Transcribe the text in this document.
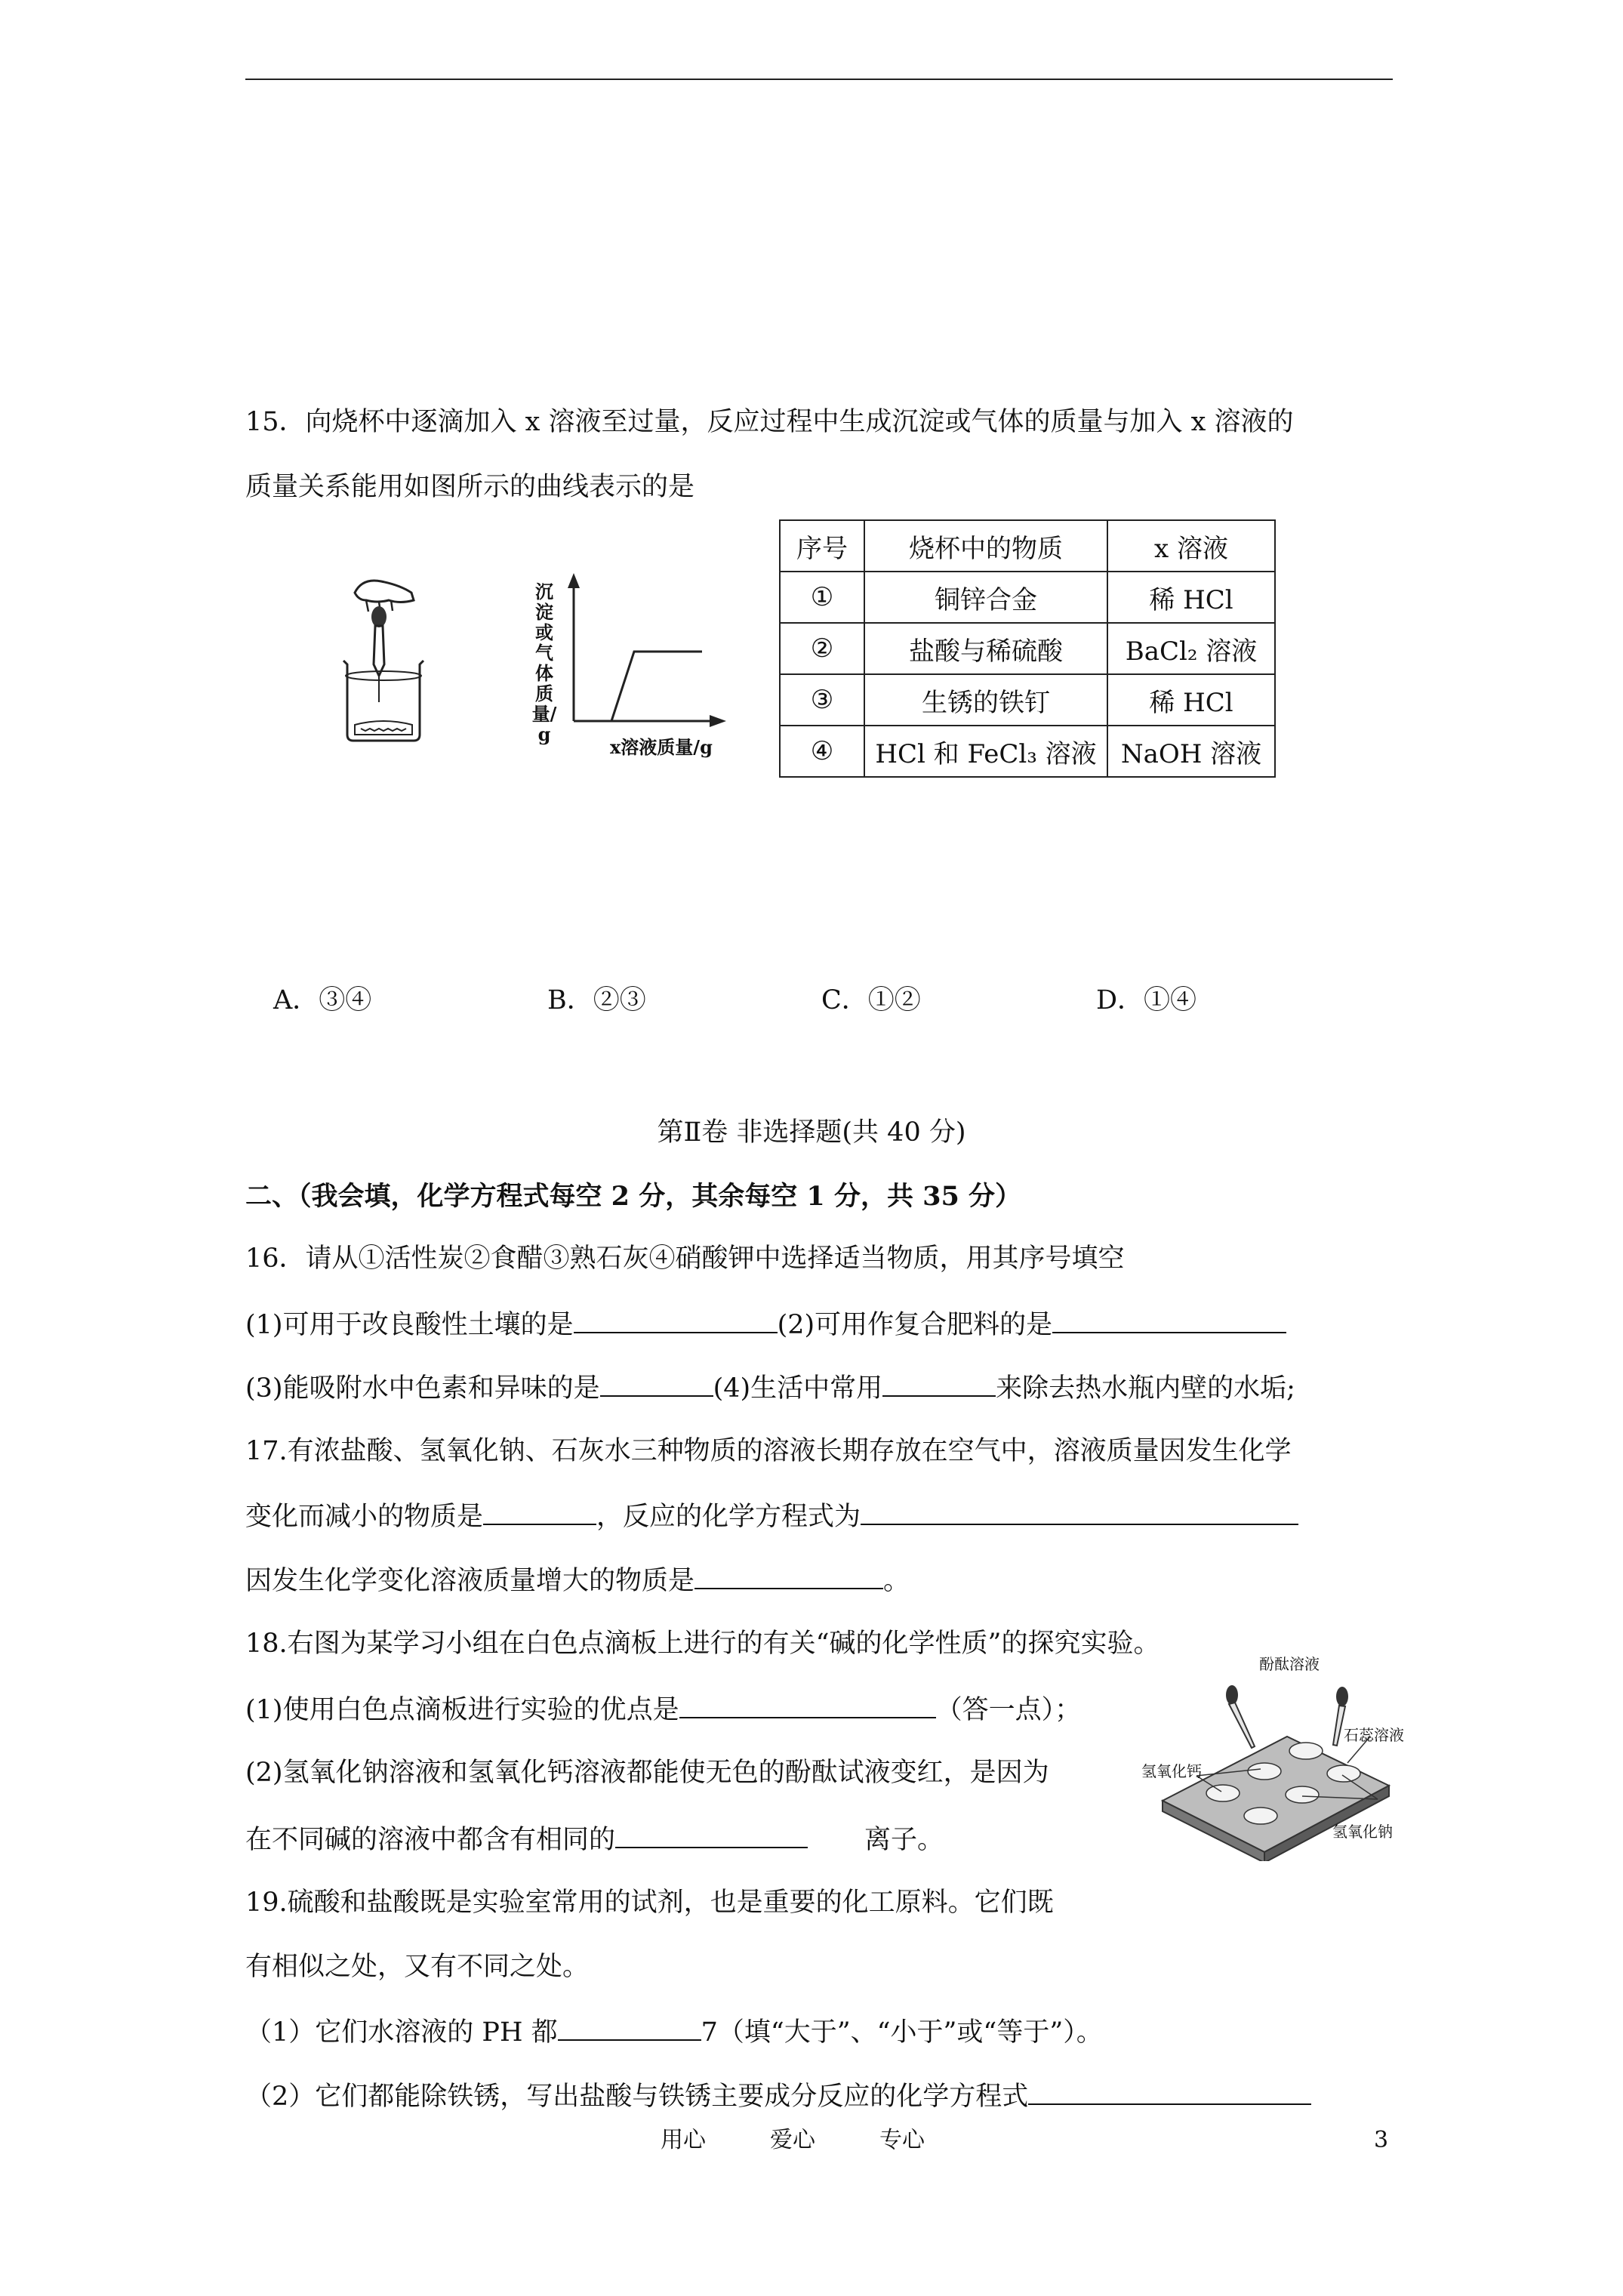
15．向烧杯中逐滴加入 x 溶液至过量，反应过程中生成沉淀或气体的质量与加入 x 溶液的
质量关系能用如图所示的曲线表示的是
沉淀或气体质量/g
x溶液质量/g
序号	烧杯中的物质	x 溶液
①	铜锌合金	稀 HCl
②	盐酸与稀硫酸	BaCl₂ 溶液
③	生锈的铁钉	稀 HCl
④	HCl 和 FeCl₃ 溶液	NaOH 溶液
A．③④	B．②③	C．①②	D．①④
第Ⅱ卷 非选择题(共 40 分)
二、（我会填，化学方程式每空 2 分，其余每空 1 分，共 35 分）
16．请从①活性炭②食醋③熟石灰④硝酸钾中选择适当物质，用其序号填空
(1)可用于改良酸性土壤的是	(2)可用作复合肥料的是
(3)能吸附水中色素和异味的是	(4)生活中常用	来除去热水瓶内壁的水垢;
17.有浓盐酸、氢氧化钠、石灰水三种物质的溶液长期存放在空气中，溶液质量因发生化学
变化而减小的物质是	，反应的化学方程式为
因发生化学变化溶液质量增大的物质是	。
18.右图为某学习小组在白色点滴板上进行的有关“碱的化学性质”的探究实验。
(1)使用白色点滴板进行实验的优点是	（答一点）；
(2)氢氧化钠溶液和氢氧化钙溶液都能使无色的酚酞试液变红，是因为
在不同碱的溶液中都含有相同的	离子。
酚酞溶液
石蕊溶液
氢氧化钙
氢氧化钠
19.硫酸和盐酸既是实验室常用的试剂，也是重要的化工原料。它们既
有相似之处，又有不同之处。
（1）它们水溶液的 PH 都	7（填“大于”、“小于”或“等于”）。
（2）它们都能除铁锈，写出盐酸与铁锈主要成分反应的化学方程式
用心	爱心	专心	3
